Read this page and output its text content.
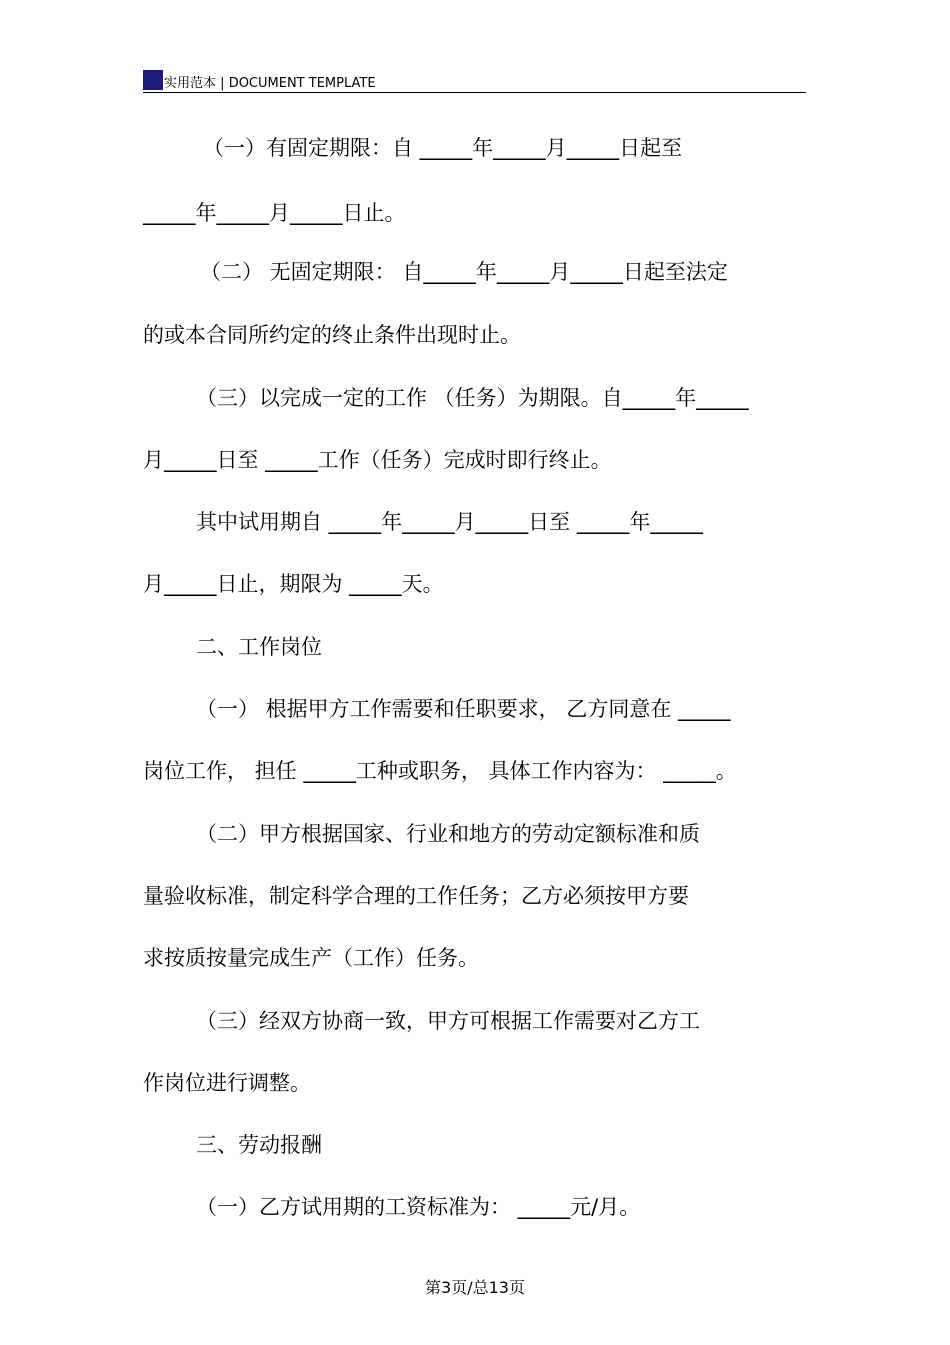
实用范本 | DOCUMENT TEMPLATE
（一）有固定期限：自 _____年_____月_____日起至
_____年_____月_____日止。
（二） 无固定期限： 自_____年_____月_____日起至法定
的或本合同所约定的终止条件出现时止。
（三）以完成一定的工作 （任务）为期限。自_____年_____
月_____日至 _____工作（任务）完成时即行终止。
其中试用期自 _____年_____月_____日至 _____年_____
月_____日止，期限为 _____天。
二、工作岗位
（一） 根据甲方工作需要和任职要求， 乙方同意在 _____
岗位工作， 担任 _____工种或职务， 具体工作内容为： _____。
（二）甲方根据国家、行业和地方的劳动定额标准和质
量验收标准，制定科学合理的工作任务；乙方必须按甲方要
求按质按量完成生产（工作）任务。
（三）经双方协商一致，甲方可根据工作需要对乙方工
作岗位进行调整。
三、劳动报酬
（一）乙方试用期的工资标准为： _____元/月。
第3页/总13页
